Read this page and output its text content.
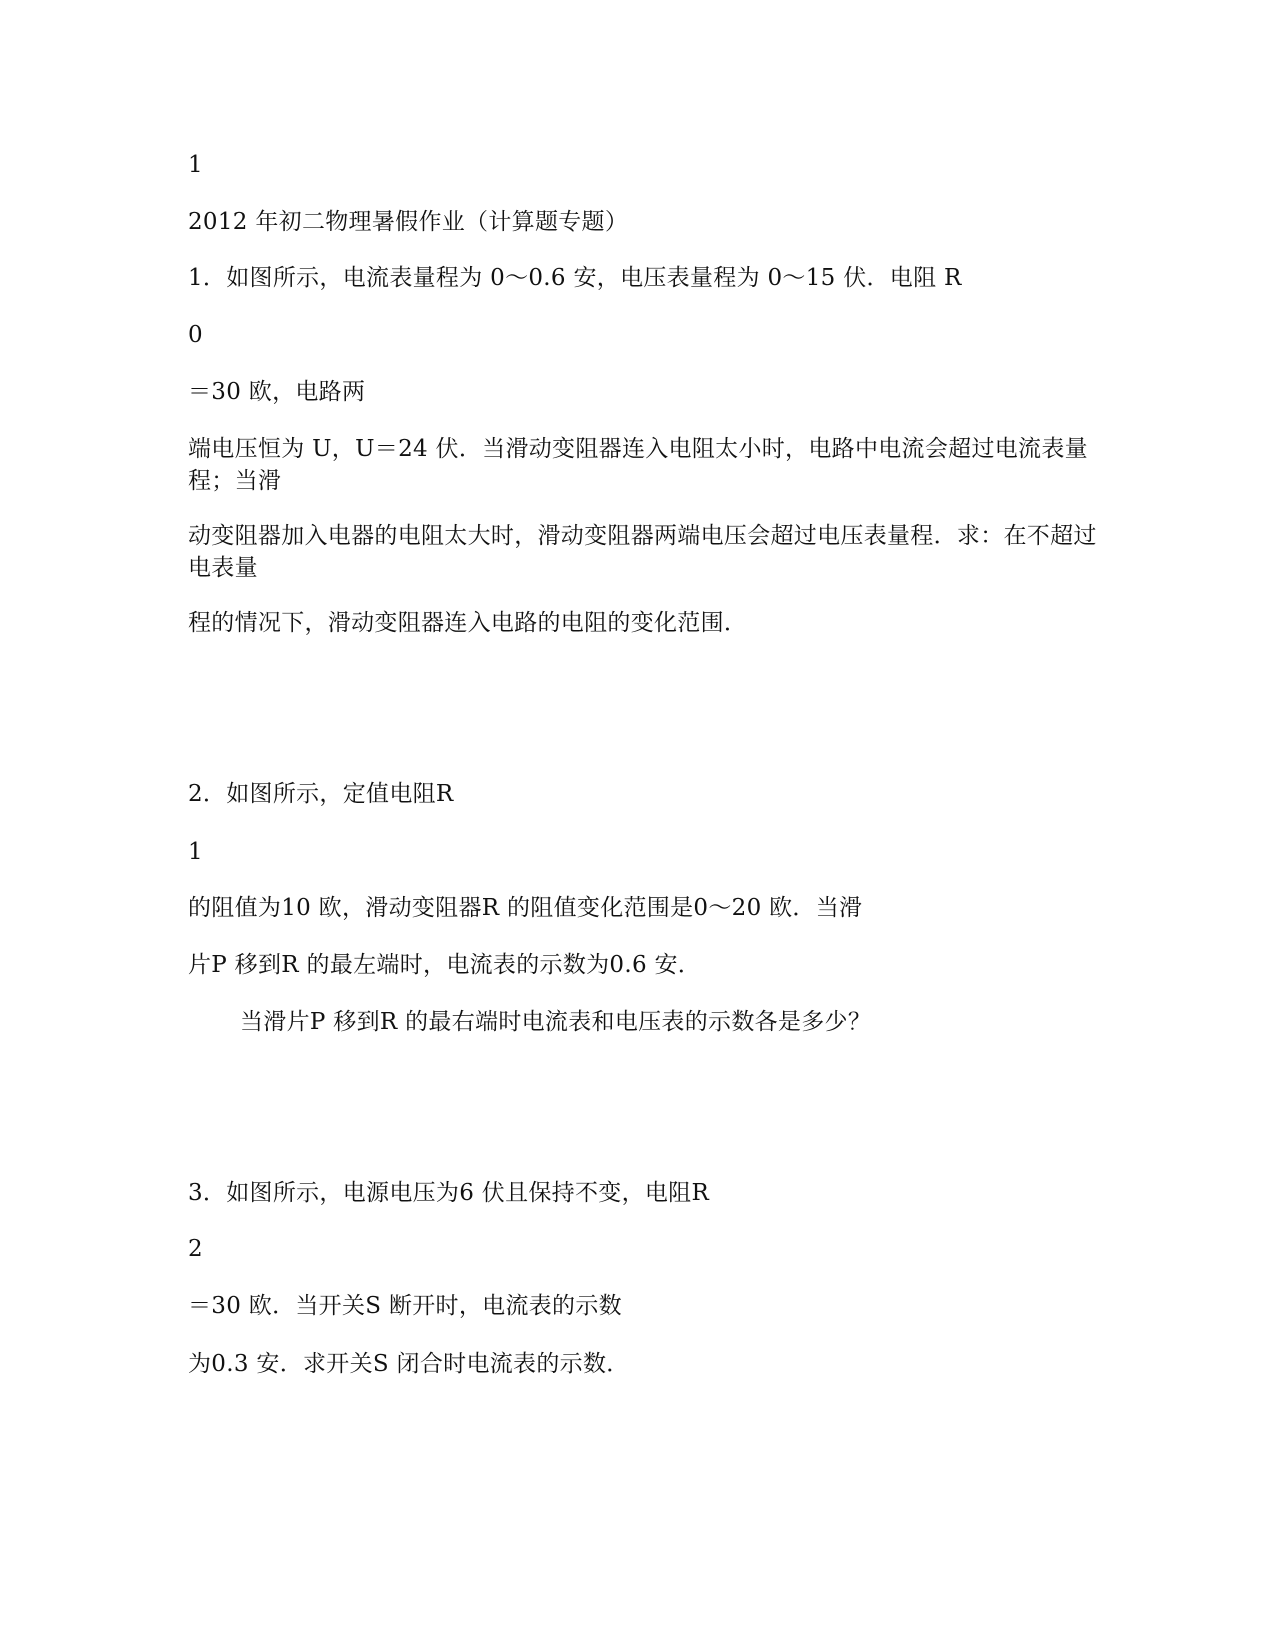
1
2012 年初二物理暑假作业（计算题专题）
1．如图所示，电流表量程为 0～0.6 安，电压表量程为 0～15 伏．电阻 R
0
＝30 欧，电路两
端电压恒为 U，U＝24 伏．当滑动变阻器连入电阻太小时，电路中电流会超过电流表量程；当滑
动变阻器加入电器的电阻太大时，滑动变阻器两端电压会超过电压表量程．求：在不超过电表量
程的情况下，滑动变阻器连入电路的电阻的变化范围．
2．如图所示，定值电阻R
1
的阻值为10 欧，滑动变阻器R 的阻值变化范围是0～20 欧．当滑
片P 移到R 的最左端时，电流表的示数为0.6 安．
当滑片P 移到R 的最右端时电流表和电压表的示数各是多少？
3．如图所示，电源电压为6 伏且保持不变，电阻R
2
＝30 欧．当开关S 断开时，电流表的示数
为0.3 安．求开关S 闭合时电流表的示数．
